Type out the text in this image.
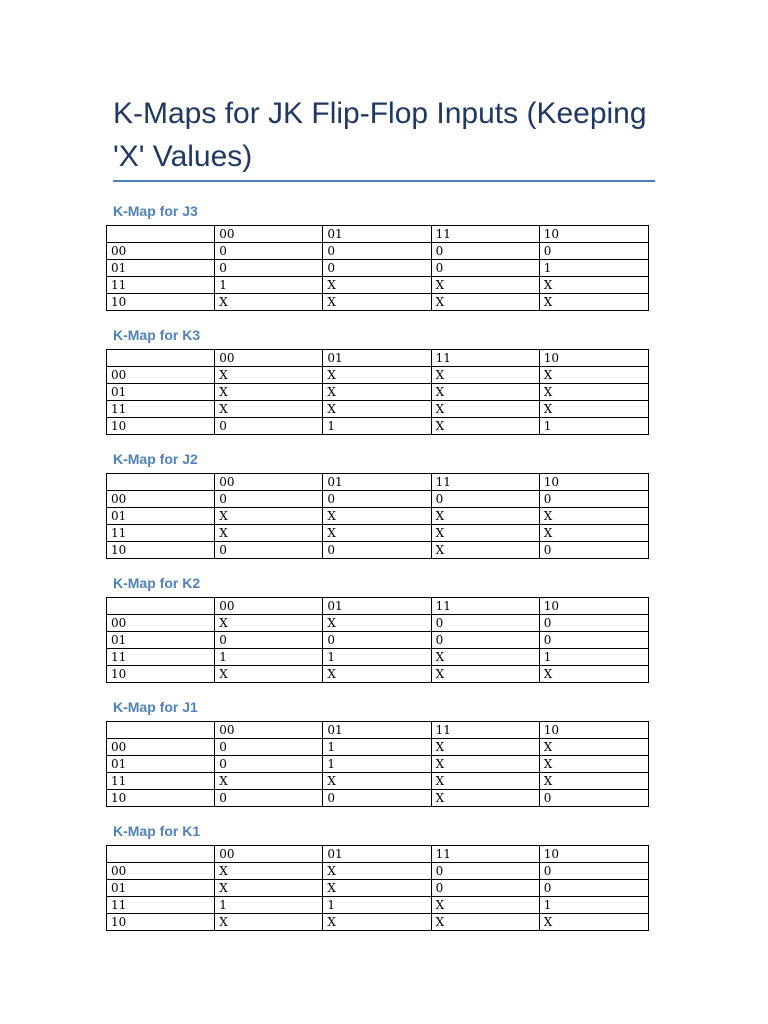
K-Maps for JK Flip-Flop Inputs (Keeping 'X' Values)
K-Map for J3
	00	01	11	10
00	0	0	0	0
01	0	0	0	1
11	1	X	X	X
10	X	X	X	X
K-Map for K3
	00	01	11	10
00	X	X	X	X
01	X	X	X	X
11	X	X	X	X
10	0	1	X	1
K-Map for J2
	00	01	11	10
00	0	0	0	0
01	X	X	X	X
11	X	X	X	X
10	0	0	X	0
K-Map for K2
	00	01	11	10
00	X	X	0	0
01	0	0	0	0
11	1	1	X	1
10	X	X	X	X
K-Map for J1
	00	01	11	10
00	0	1	X	X
01	0	1	X	X
11	X	X	X	X
10	0	0	X	0
K-Map for K1
	00	01	11	10
00	X	X	0	0
01	X	X	0	0
11	1	1	X	1
10	X	X	X	X
